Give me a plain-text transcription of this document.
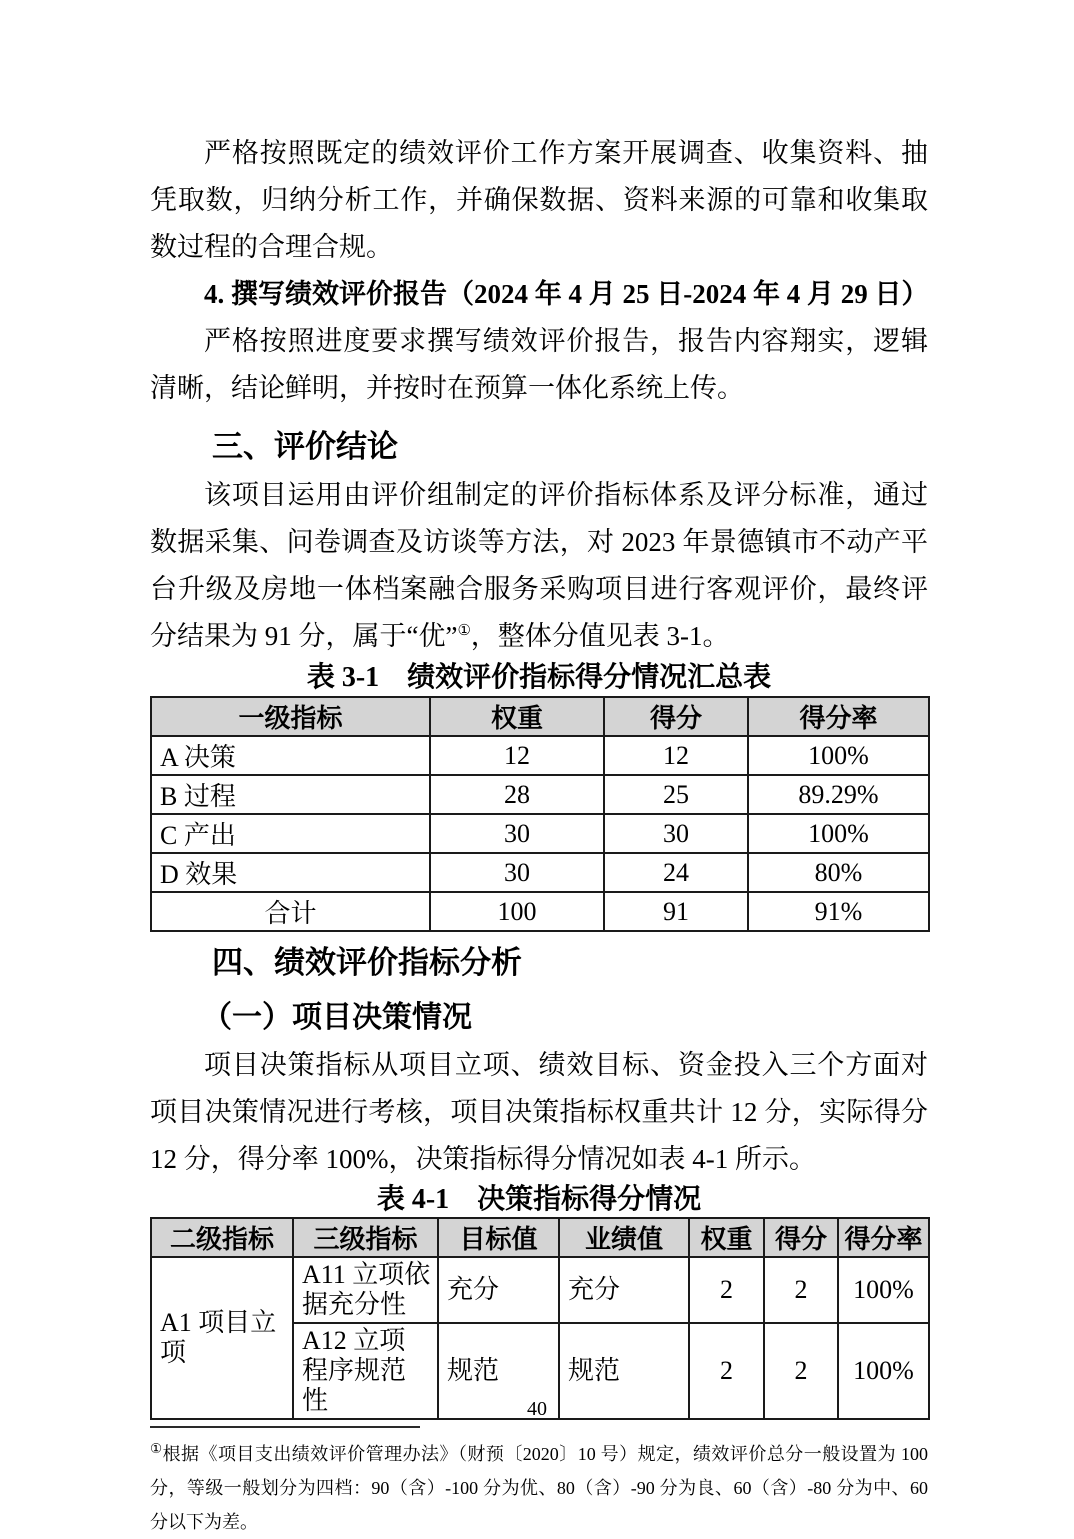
严格按照既定的绩效评价工作方案开展调查、收集资料、抽凭取数，归纳分析工作，并确保数据、资料来源的可靠和收集取数过程的合理合规。

4. 撰写绩效评价报告（2024 年 4 月 25 日-2024 年 4 月 29 日）

严格按照进度要求撰写绩效评价报告，报告内容翔实，逻辑清晰，结论鲜明，并按时在预算一体化系统上传。

三、评价结论

该项目运用由评价组制定的评价指标体系及评分标准，通过数据采集、问卷调查及访谈等方法，对 2023 年景德镇市不动产平台升级及房地一体档案融合服务采购项目进行客观评价，最终评分结果为 91 分，属于“优”①，整体分值见表 3-1。

表 3-1　绩效评价指标得分情况汇总表

一级指标	权重	得分	得分率
A 决策	12	12	100%
B 过程	28	25	89.29%
C 产出	30	30	100%
D 效果	30	24	80%
合计	100	91	91%
四、绩效评价指标分析
（一）项目决策情况

项目决策指标从项目立项、绩效目标、资金投入三个方面对项目决策情况进行考核，项目决策指标权重共计 12 分，实际得分 12 分，得分率 100%，决策指标得分情况如表 4-1 所示。

表 4-1　决策指标得分情况

二级指标	三级指标	目标值	业绩值	权重	得分	得分率
A1 项目立项	A11 立项依据充分性	充分	充分	2	2	100%
	A12 立项程序规范性	规范	规范	2	2	100%

①根据《项目支出绩效评价管理办法》（财预〔2020〕10 号）规定，绩效评价总分一般设置为 100 分，等级一般划分为四档：90（含）-100 分为优、80（含）-90 分为良、60（含）-80 分为中、60 分以下为差。

40
